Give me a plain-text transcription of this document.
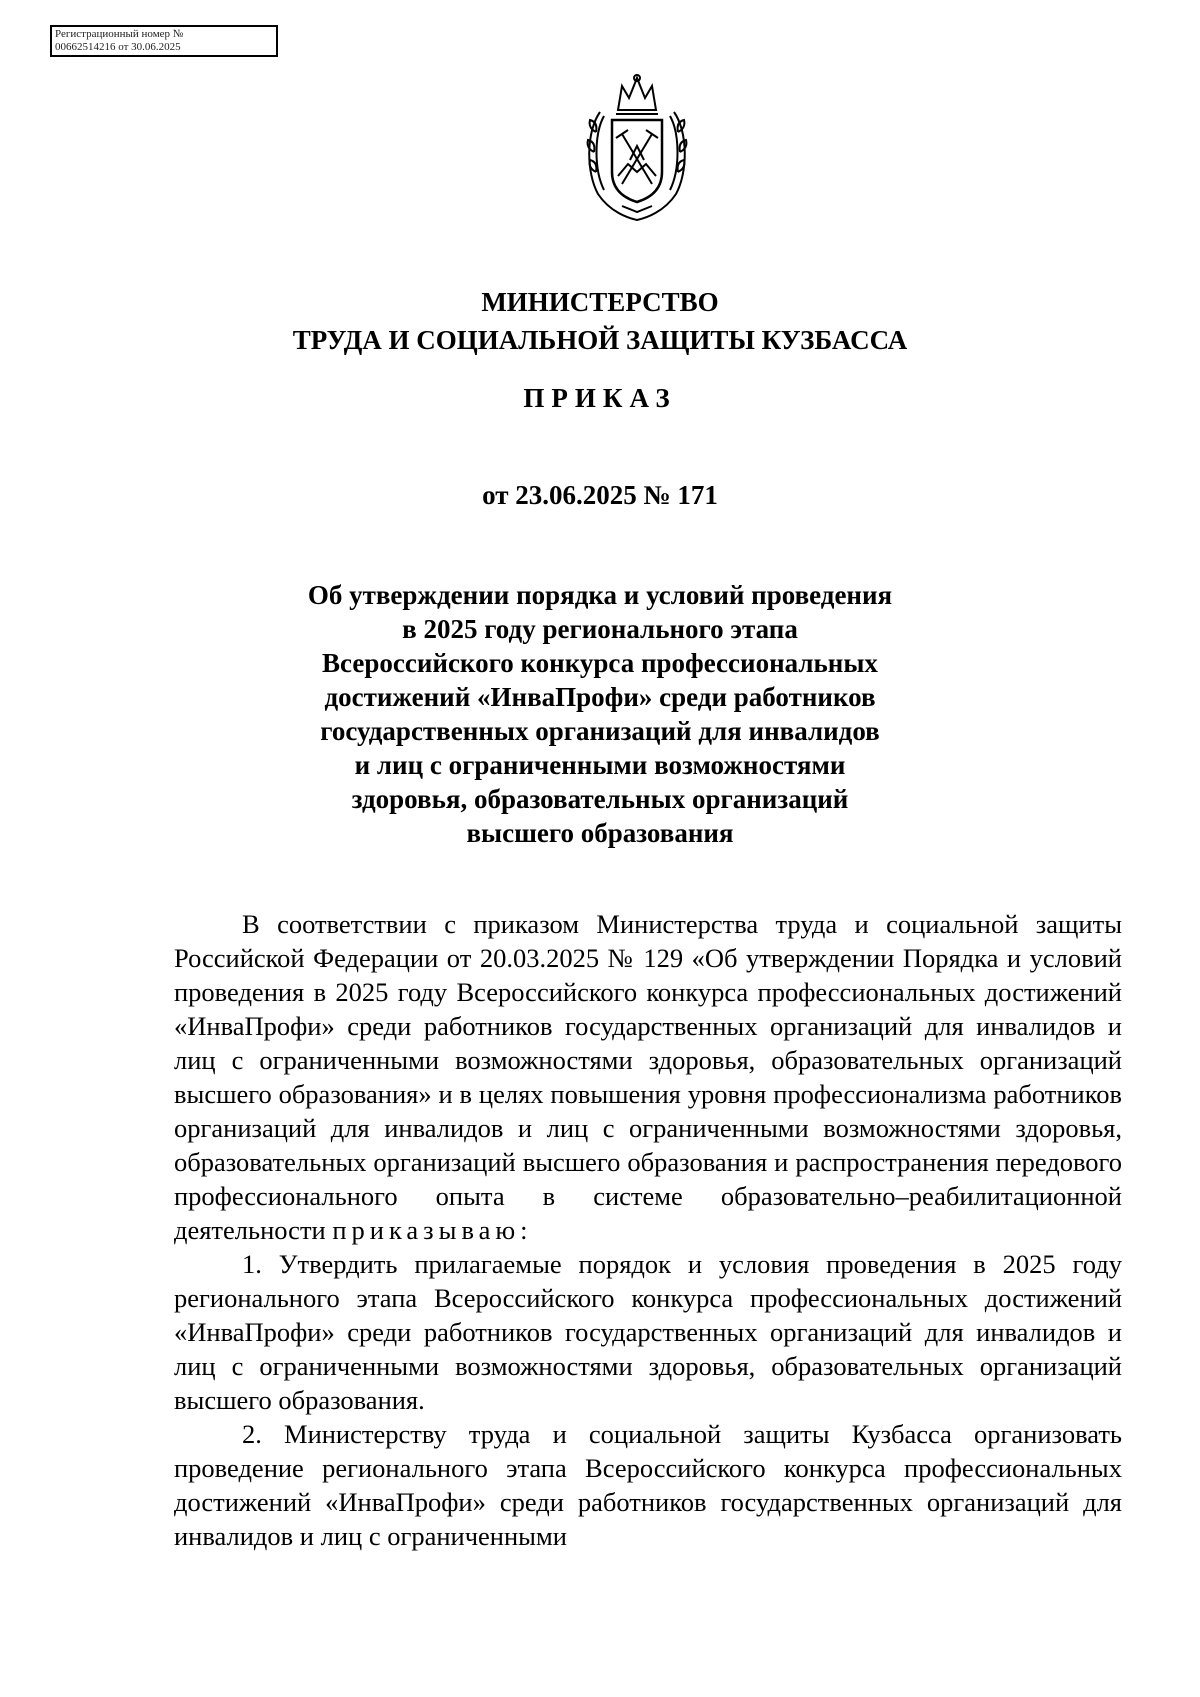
Регистрационный номер №
00662514216 от 30.06.2025
МИНИСТЕРСТВО
ТРУДА И СОЦИАЛЬНОЙ ЗАЩИТЫ КУЗБАССА
ПРИКАЗ
от 23.06.2025 № 171
Об утверждении порядка и условий проведения
в 2025 году регионального этапа
Всероссийского конкурса профессиональных
достижений «ИнваПрофи» среди работников
государственных организаций для инвалидов
и лиц с ограниченными возможностями
здоровья, образовательных организаций
высшего образования

В соответствии с приказом Министерства труда и социальной защиты Российской Федерации от 20.03.2025 № 129 «Об утверждении Порядка и условий проведения в 2025 году Всероссийского конкурса профессиональных достижений «ИнваПрофи» среди работников государственных организаций для инвалидов и лиц с ограниченными возможностями здоровья, образовательных организаций высшего образования» и в целях повышения уровня профессионализма работников организаций для инвалидов и лиц с ограниченными возможностями здоровья, образовательных организаций высшего образования и распространения передового профессионального опыта в системе образовательно–реабилитационной деятельности приказываю:

1. Утвердить прилагаемые порядок и условия проведения в 2025 году регионального этапа Всероссийского конкурса профессиональных достижений «ИнваПрофи» среди работников государственных организаций для инвалидов и лиц с ограниченными возможностями здоровья, образовательных организаций высшего образования.

2. Министерству труда и социальной защиты Кузбасса организовать проведение регионального этапа Всероссийского конкурса профессиональных достижений «ИнваПрофи» среди работников государственных организаций для инвалидов и лиц с ограниченными
